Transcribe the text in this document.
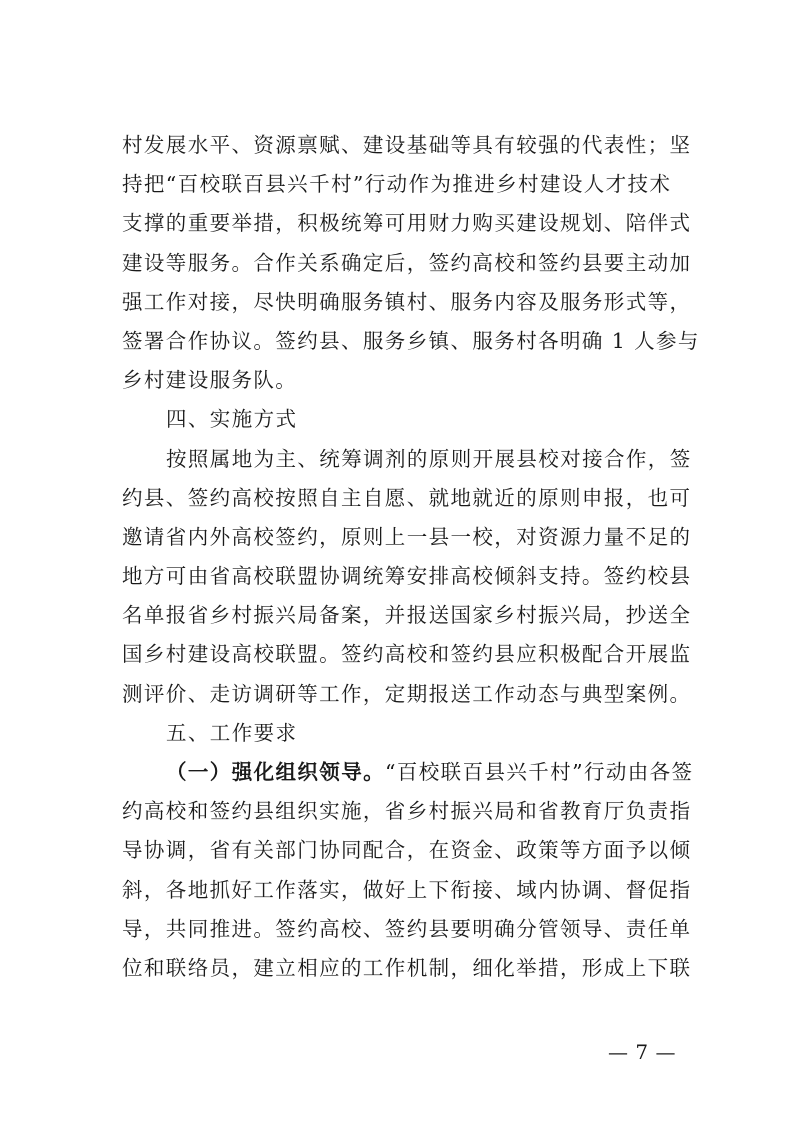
村发展水平、资源禀赋、建设基础等具有较强的代表性；坚
持把“百校联百县兴千村”行动作为推进乡村建设人才技术
支撑的重要举措，积极统筹可用财力购买建设规划、陪伴式
建设等服务。合作关系确定后，签约高校和签约县要主动加
强工作对接，尽快明确服务镇村、服务内容及服务形式等，
签署合作协议。签约县、服务乡镇、服务村各明确 1 人参与
乡村建设服务队。
四、实施方式
按照属地为主、统筹调剂的原则开展县校对接合作，签
约县、签约高校按照自主自愿、就地就近的原则申报，也可
邀请省内外高校签约，原则上一县一校，对资源力量不足的
地方可由省高校联盟协调统筹安排高校倾斜支持。签约校县
名单报省乡村振兴局备案，并报送国家乡村振兴局，抄送全
国乡村建设高校联盟。签约高校和签约县应积极配合开展监
测评价、走访调研等工作，定期报送工作动态与典型案例。
五、工作要求
（一）强化组织领导。“百校联百县兴千村”行动由各签
约高校和签约县组织实施，省乡村振兴局和省教育厅负责指
导协调，省有关部门协同配合，在资金、政策等方面予以倾
斜，各地抓好工作落实，做好上下衔接、域内协调、督促指
导，共同推进。签约高校、签约县要明确分管领导、责任单
位和联络员，建立相应的工作机制，细化举措，形成上下联
— 7 —
